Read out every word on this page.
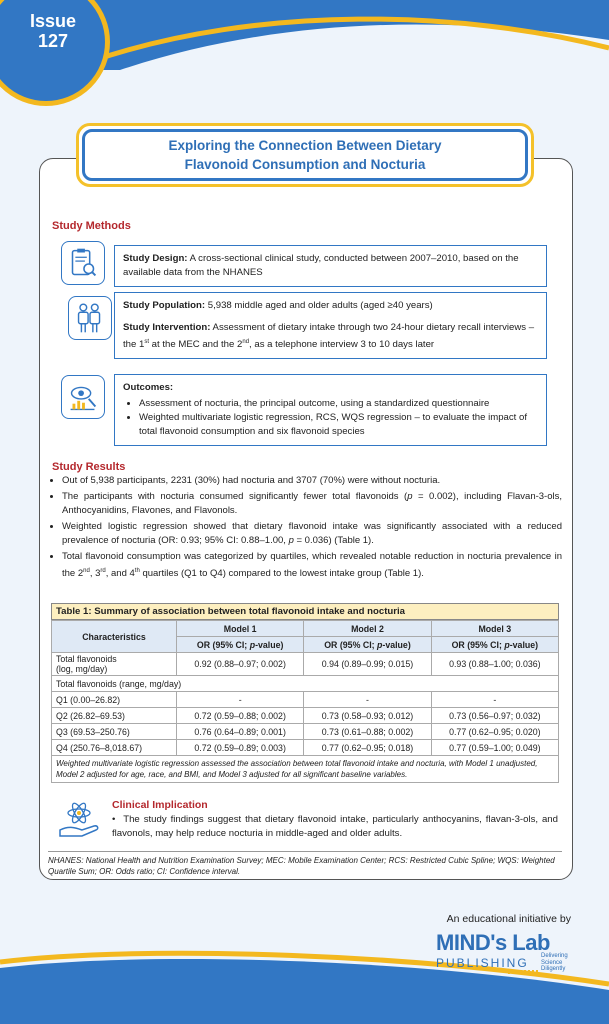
Issue
127
Exploring the Connection Between Dietary Flavonoid Consumption and Nocturia
Study Methods

Study Design: A cross-sectional clinical study, conducted between 2007–2010, based on the available data from the NHANES

Study Population: 5,938 middle aged and older adults (aged ≥40 years)

Study Intervention: Assessment of dietary intake through two 24-hour dietary recall interviews – the 1st at the MEC and the 2nd, as a telephone interview 3 to 10 days later

Outcomes:

• Assessment of nocturia, the principal outcome, using a standardized questionnaire
• Weighted multivariate logistic regression, RCS, WQS regression – to evaluate the impact of total flavonoid consumption and six flavonoid species
Study Results
• Out of 5,938 participants, 2231 (30%) had nocturia and 3707 (70%) were without nocturia.
• The participants with nocturia consumed significantly fewer total flavonoids (p = 0.002), including Flavan-3-ols, Anthocyanidins, Flavones, and Flavonols.
• Weighted logistic regression showed that dietary flavonoid intake was significantly associated with a reduced prevalence of nocturia (OR: 0.93; 95% CI: 0.88–1.00, p = 0.036) (Table 1).
• Total flavonoid consumption was categorized by quartiles, which revealed notable reduction in nocturia prevalence in the 2nd, 3rd, and 4th quartiles (Q1 to Q4) compared to the lowest intake group (Table 1).
Table 1: Summary of association between total flavonoid intake and nocturia
Characteristics	Model 1	Model 2	Model 3
	OR (95% CI; p-value)	OR (95% CI; p-value)	OR (95% CI; p-value)
Total flavonoids
(log, mg/day)	0.92 (0.88–0.97; 0.002)	0.94 (0.89–0.99; 0.015)	0.93 (0.88–1.00; 0.036)
Total flavonoids (range, mg/day)			
Q1 (0.00–26.82)	-	-	-
Q2 (26.82–69.53)	0.72 (0.59–0.88; 0.002)	0.73 (0.58–0.93; 0.012)	0.73 (0.56–0.97; 0.032)
Q3 (69.53–250.76)	0.76 (0.64–0.89; 0.001)	0.73 (0.61–0.88; 0.002)	0.77 (0.62–0.95; 0.020)
Q4 (250.76–8,018.67)	0.72 (0.59–0.89; 0.003)	0.77 (0.62–0.95; 0.018)	0.77 (0.59–1.00; 0.049)
Weighted multivariate logistic regression assessed the association between total flavonoid intake and nocturia, with Model 1 unadjusted, Model 2 adjusted for age, race, and BMI, and Model 3 adjusted for all significant baseline variables.
Clinical Implication
•  The study findings suggest that dietary flavonoid intake, particularly anthocyanins, flavan-3-ols, and flavonols, may help reduce nocturia in middle-aged and older adults.
NHANES: National Health and Nutrition Examination Survey; MEC: Mobile Examination Center; RCS: Restricted Cubic Spline; WQS: Weighted Quartile Sum; OR: Odds ratio; CI: Confidence interval.
An educational initiative by
MIND's Lab
PUBLISHING Delivering
Science
Diligently
